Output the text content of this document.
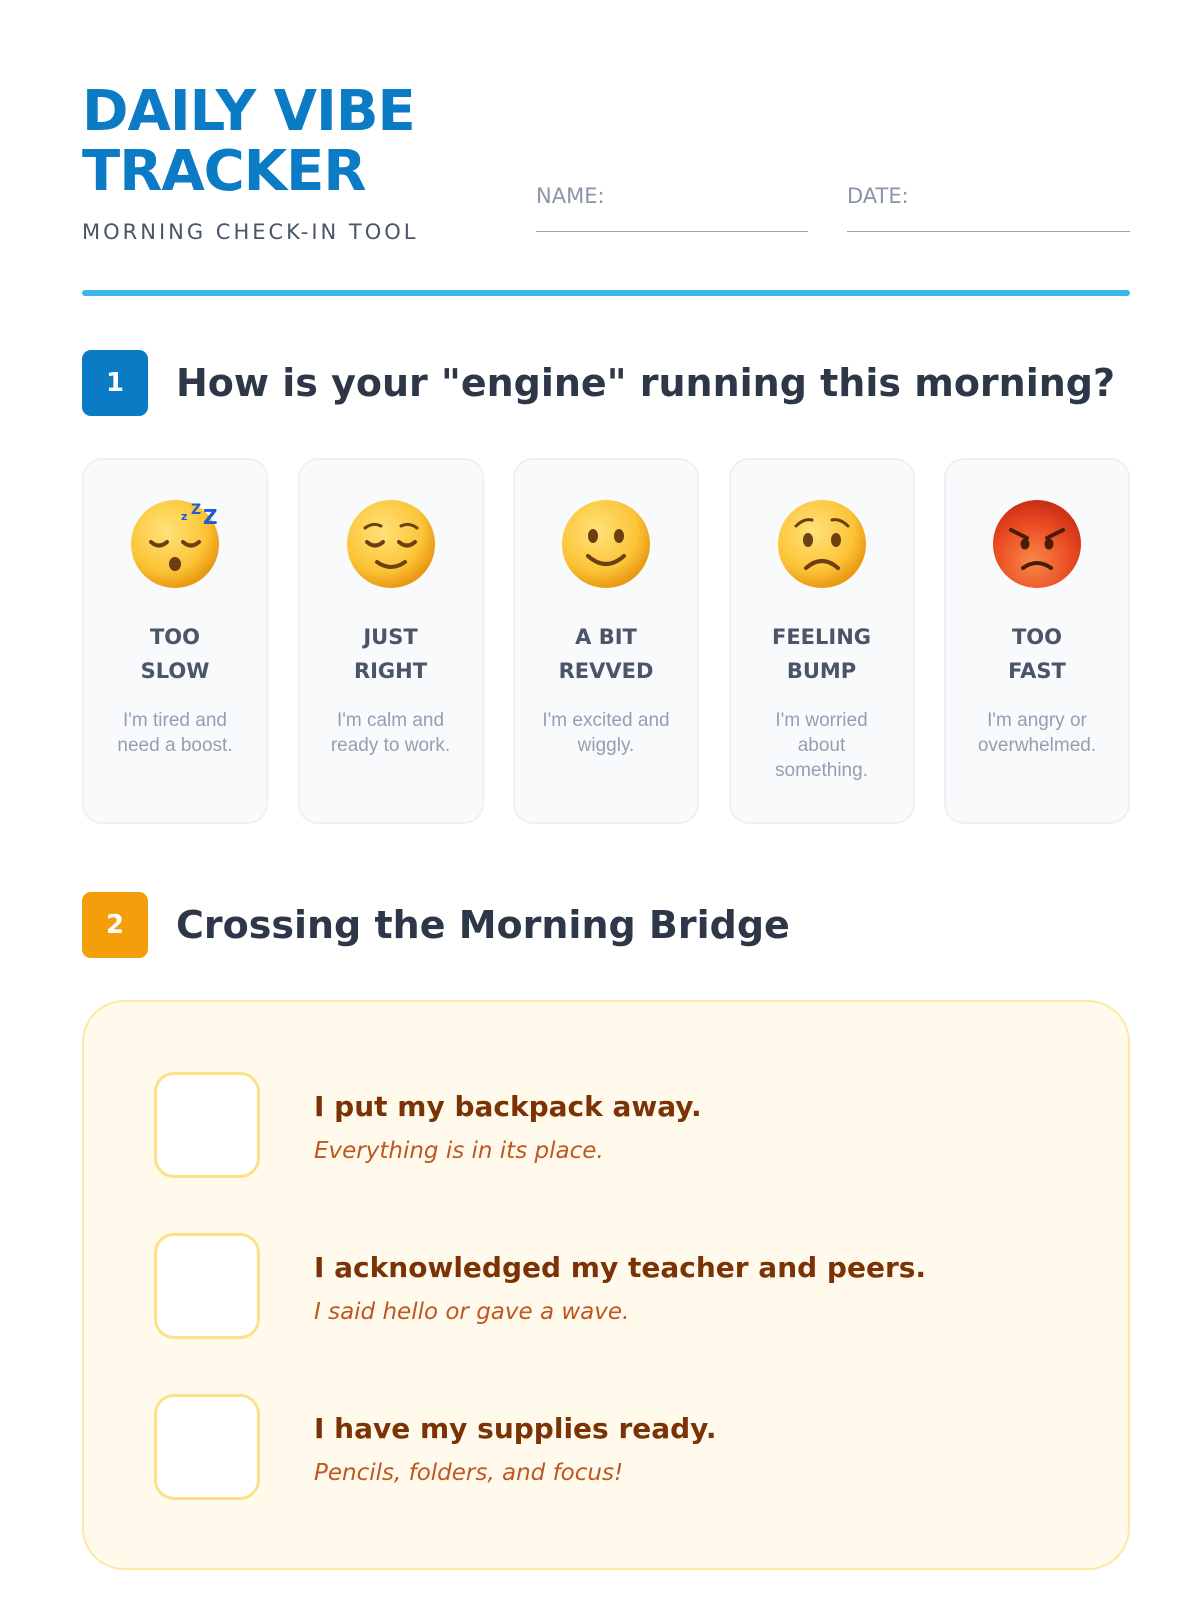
DAILY VIBE
TRACKER
MORNING CHECK-IN TOOL
NAME:	DATE:
1	How is your "engine" running this morning?
z Z Z
TOO
SLOW
I'm tired and need a boost.
JUST
RIGHT
I'm calm and ready to work.
A BIT
REVVED
I'm excited and wiggly.
FEELING
BUMP
I'm worried about something.
TOO
FAST
I'm angry or overwhelmed.
2	Crossing the Morning Bridge
I put my backpack away.
Everything is in its place.
I acknowledged my teacher and peers.
I said hello or gave a wave.
I have my supplies ready.
Pencils, folders, and focus!
